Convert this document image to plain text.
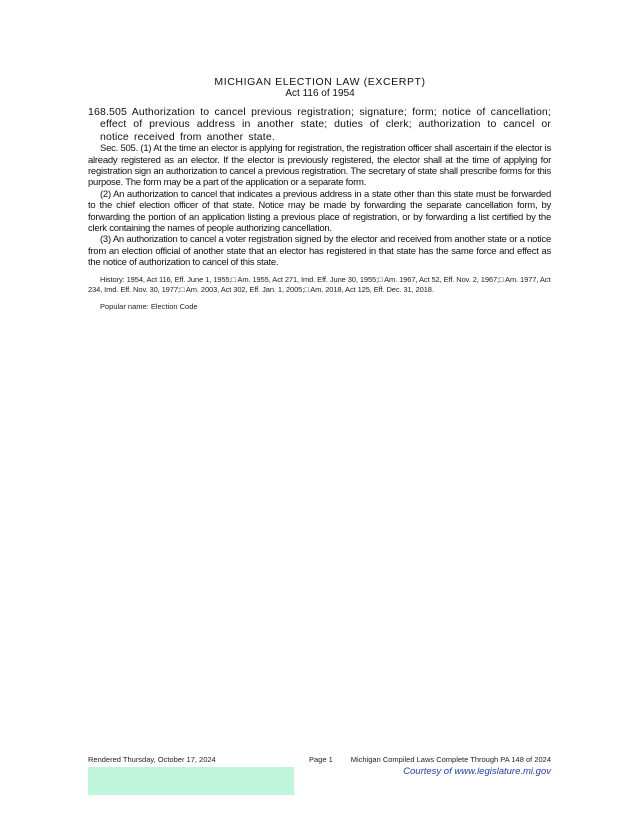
MICHIGAN ELECTION LAW (EXCERPT)
Act 116 of 1954

168.505 Authorization to cancel previous registration; signature; form; notice of cancellation; effect of previous address in another state; duties of clerk; authorization to cancel or notice received from another state.

Sec. 505. (1) At the time an elector is applying for registration, the registration officer shall ascertain if the elector is already registered as an elector. If the elector is previously registered, the elector shall at the time of applying for registration sign an authorization to cancel a previous registration. The secretary of state shall prescribe forms for this purpose. The form may be a part of the application or a separate form.

(2) An authorization to cancel that indicates a previous address in a state other than this state must be forwarded to the chief election officer of that state. Notice may be made by forwarding the separate cancellation form, by forwarding the portion of an application listing a previous place of registration, or by forwarding a list certified by the clerk containing the names of people authorizing cancellation.

(3) An authorization to cancel a voter registration signed by the elector and received from another state or a notice from an election official of another state that an elector has registered in that state has the same force and effect as the notice of authorization to cancel of this state.

History: 1954, Act 116, Eff. June 1, 1955;□ Am. 1955, Act 271, Imd. Eff. June 30, 1955;□ Am. 1967, Act 52, Eff. Nov. 2, 1967;□ Am. 1977, Act 234, Imd. Eff. Nov. 30, 1977;□ Am. 2003, Act 302, Eff. Jan. 1, 2005;□ Am. 2018, Act 125, Eff. Dec. 31, 2018.

Popular name: Election Code

Rendered Thursday, October 17, 2024	Page 1 Michigan Compiled Laws Complete Through PA 148 of 2024
Courtesy of www.legislature.mi.gov
